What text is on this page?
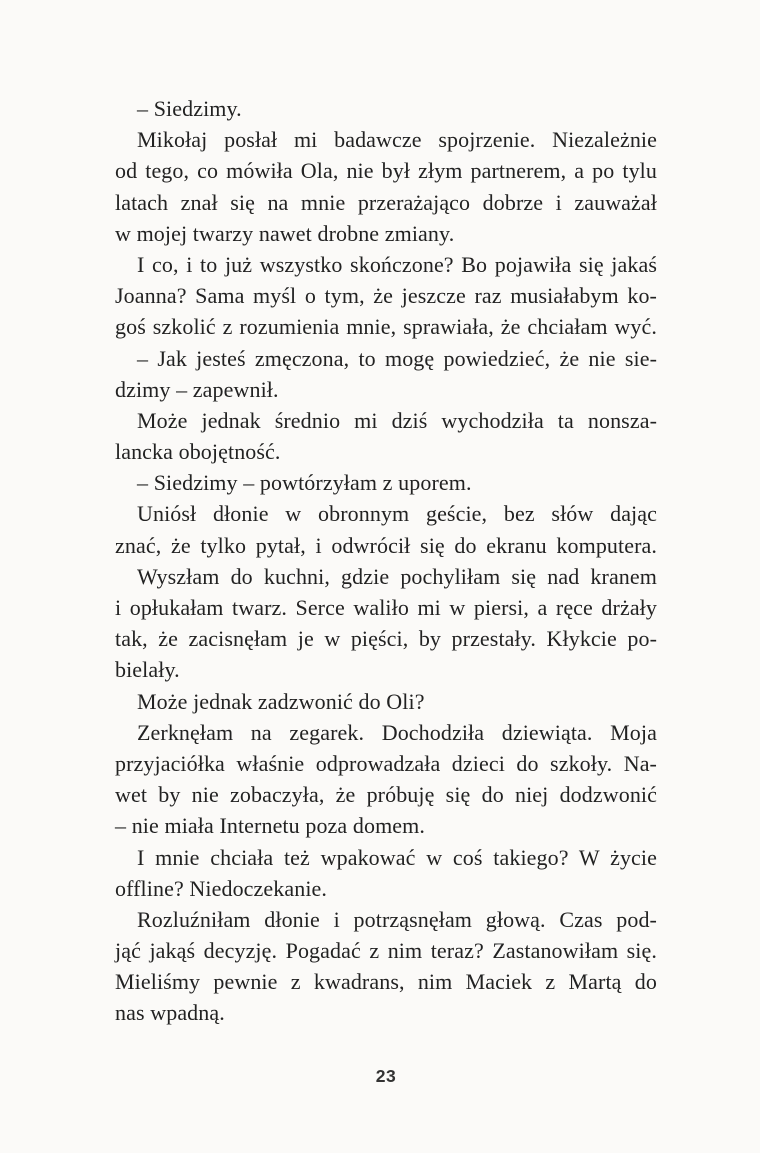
– Siedzimy.
Mikołaj posłał mi badawcze spojrzenie. Niezależnie
od tego, co mówiła Ola, nie był złym partnerem, a po tylu
latach znał się na mnie przerażająco dobrze i zauważał
w mojej twarzy nawet drobne zmiany.
I co, i to już wszystko skończone? Bo pojawiła się jakaś
Joanna? Sama myśl o tym, że jeszcze raz musiałabym ko-
goś szkolić z rozumienia mnie, sprawiała, że chciałam wyć.
– Jak jesteś zmęczona, to mogę powiedzieć, że nie sie-
dzimy – zapewnił.
Może jednak średnio mi dziś wychodziła ta nonsza-
lancka obojętność.
– Siedzimy – powtórzyłam z uporem.
Uniósł dłonie w obronnym geście, bez słów dając
znać, że tylko pytał, i odwrócił się do ekranu komputera.
Wyszłam do kuchni, gdzie pochyliłam się nad kranem
i opłukałam twarz. Serce waliło mi w piersi, a ręce drżały
tak, że zacisnęłam je w pięści, by przestały. Kłykcie po-
bielały.
Może jednak zadzwonić do Oli?
Zerknęłam na zegarek. Dochodziła dziewiąta. Moja
przyjaciółka właśnie odprowadzała dzieci do szkoły. Na-
wet by nie zobaczyła, że próbuję się do niej dodzwonić
– nie miała Internetu poza domem.
I mnie chciała też wpakować w coś takiego? W życie
offline? Niedoczekanie.
Rozluźniłam dłonie i potrząsnęłam głową. Czas pod-
jąć jakąś decyzję. Pogadać z nim teraz? Zastanowiłam się.
Mieliśmy pewnie z kwadrans, nim Maciek z Martą do
nas wpadną.
23
